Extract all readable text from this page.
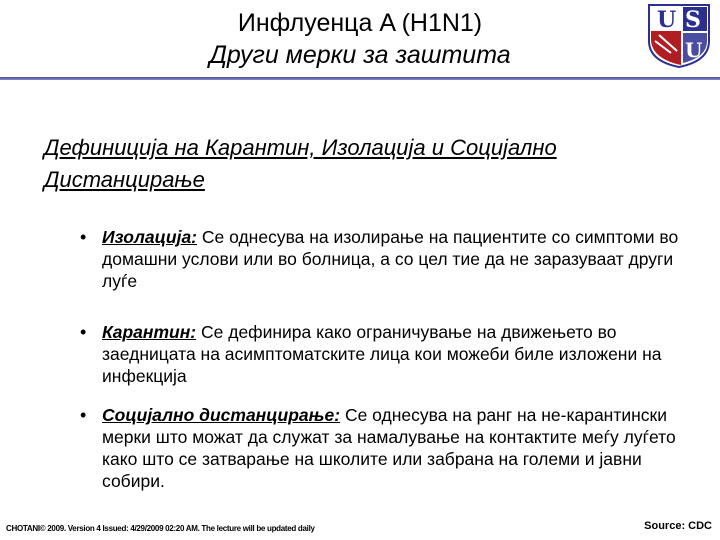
Инфлуенца A (H1N1)
Други мерки за заштита
U S
U
Дефиниција на Карантин, Изолација и Социјално Дистанцирање
• Изолација: Се однесува на изолирање на пациентите со симптоми во домашни услови или во болница, а со цел тие да не заразуваат други луѓе
• Карантин: Се дефинира како ограничување на движењето во заедницата на асимптоматските лица кои можеби биле изложени на инфекција
• Социјално дистанцирање: Се однесува на ранг на не-карантински мерки што можат да служат за намалување на контактите меѓу луѓето како што се затварање на школите или забрана на големи и јавни собири.
CHOTANI© 2009. Version 4 Issued: 4/29/2009 02:20 AM. The lecture will be updated daily	Source: CDC
